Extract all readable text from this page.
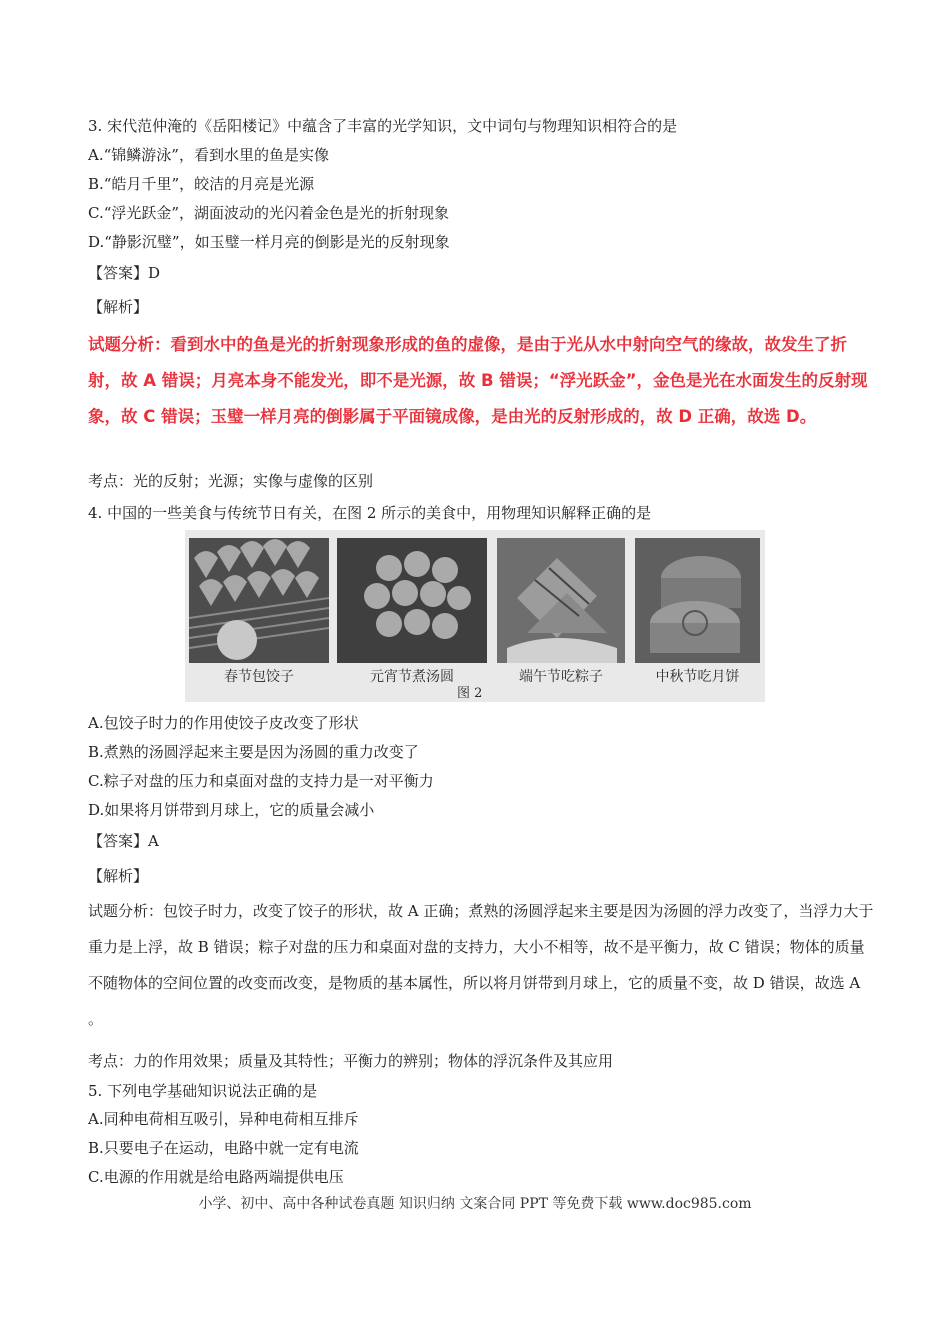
3. 宋代范仲淹的《岳阳楼记》中蕴含了丰富的光学知识，文中词句与物理知识相符合的是
A.“锦鳞游泳”，看到水里的鱼是实像
B.“皓月千里”，皎洁的月亮是光源
C.“浮光跃金”，湖面波动的光闪着金色是光的折射现象
D.“静影沉璧”，如玉璧一样月亮的倒影是光的反射现象
【答案】D
【解析】
试题分析：看到水中的鱼是光的折射现象形成的鱼的虚像，是由于光从水中射向空气的缘故，故发生了折射，故 A 错误；月亮本身不能发光，即不是光源，故 B 错误；“浮光跃金”，金色是光在水面发生的反射现象，故 C 错误；玉璧一样月亮的倒影属于平面镜成像，是由光的反射形成的，故 D 正确，故选 D。
考点：光的反射；光源；实像与虚像的区别
4. 中国的一些美食与传统节日有关，在图 2 所示的美食中，用物理知识解释正确的是
春节包饺子	元宵节煮汤圆	端午节吃粽子	中秋节吃月饼
图 2
A.包饺子时力的作用使饺子皮改变了形状
B.煮熟的汤圆浮起来主要是因为汤圆的重力改变了
C.粽子对盘的压力和桌面对盘的支持力是一对平衡力
D.如果将月饼带到月球上，它的质量会减小
【答案】A
【解析】
试题分析：包饺子时力，改变了饺子的形状，故 A 正确；煮熟的汤圆浮起来主要是因为汤圆的浮力改变了，当浮力大于重力是上浮，故 B 错误；粽子对盘的压力和桌面对盘的支持力，大小不相等，故不是平衡力，故 C 错误；物体的质量不随物体的空间位置的改变而改变，是物质的基本属性，所以将月饼带到月球上，它的质量不变，故 D 错误，故选 A 。
考点：力的作用效果；质量及其特性；平衡力的辨别；物体的浮沉条件及其应用
5. 下列电学基础知识说法正确的是
A.同种电荷相互吸引，异种电荷相互排斥
B.只要电子在运动，电路中就一定有电流
C.电源的作用就是给电路两端提供电压
小学、初中、高中各种试卷真题 知识归纳 文案合同 PPT 等免费下载 www.doc985.com
